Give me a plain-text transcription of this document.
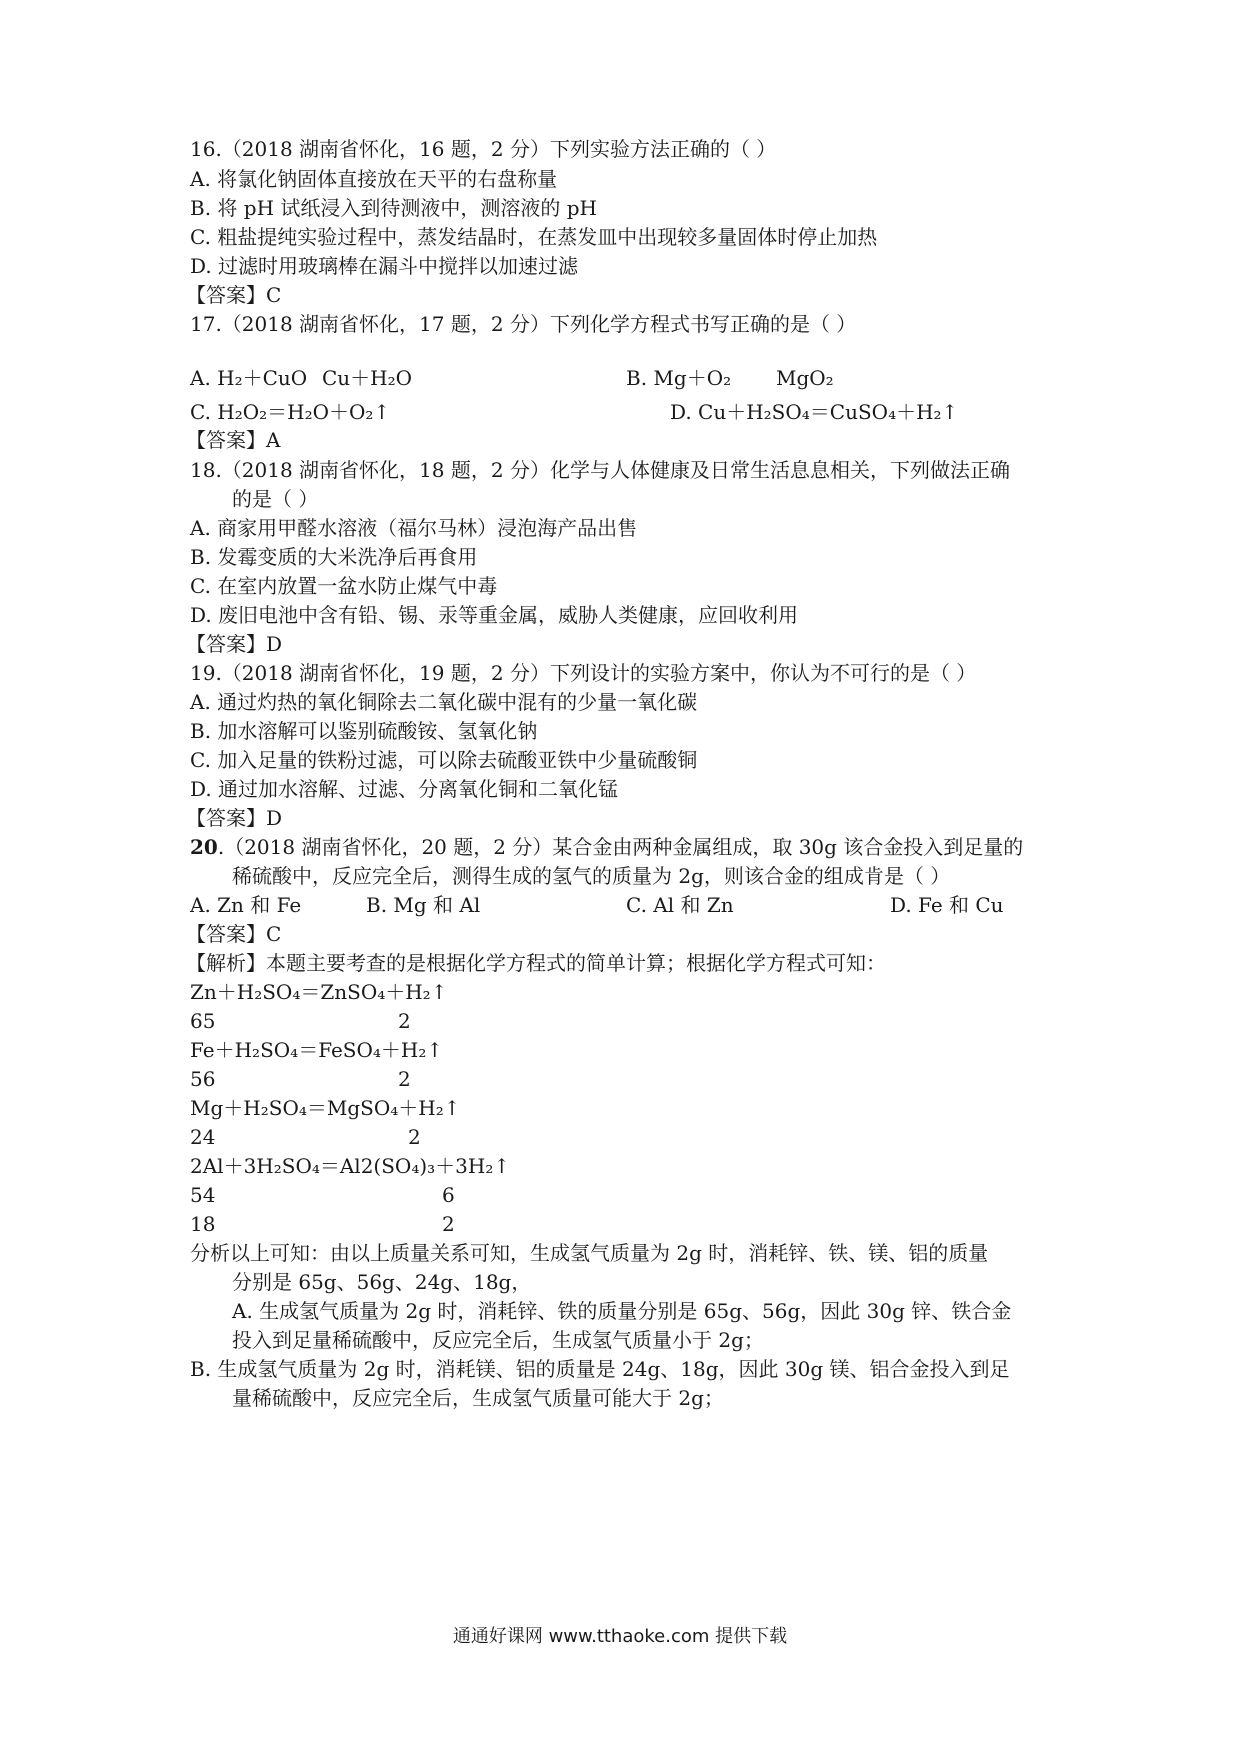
16.（2018 湖南省怀化，16 题，2 分）下列实验方法正确的（ ）
A. 将氯化钠固体直接放在天平的右盘称量
B. 将 pH 试纸浸入到待测液中，测溶液的 pH
C. 粗盐提纯实验过程中，蒸发结晶时，在蒸发皿中出现较多量固体时停止加热
D. 过滤时用玻璃棒在漏斗中搅拌以加速过滤
【答案】C
17.（2018 湖南省怀化，17 题，2 分）下列化学方程式书写正确的是（ ）
A. H₂＋CuO Cu＋H₂O	B. Mg＋O₂ MgO₂
C. H₂O₂＝H₂O＋O₂↑	D. Cu＋H₂SO₄＝CuSO₄＋H₂↑
【答案】A
18.（2018 湖南省怀化，18 题，2 分）化学与人体健康及日常生活息息相关，下列做法正确
的是（ ）
A. 商家用甲醛水溶液（福尔马林）浸泡海产品出售
B. 发霉变质的大米洗净后再食用
C. 在室内放置一盆水防止煤气中毒
D. 废旧电池中含有铅、锡、汞等重金属，威胁人类健康，应回收利用
【答案】D
19.（2018 湖南省怀化，19 题，2 分）下列设计的实验方案中，你认为不可行的是（ ）
A. 通过灼热的氧化铜除去二氧化碳中混有的少量一氧化碳
B. 加水溶解可以鉴别硫酸铵、氢氧化钠
C. 加入足量的铁粉过滤，可以除去硫酸亚铁中少量硫酸铜
D. 通过加水溶解、过滤、分离氧化铜和二氧化锰
【答案】D
20.（2018 湖南省怀化，20 题，2 分）某合金由两种金属组成，取 30g 该合金投入到足量的
稀硫酸中，反应完全后，测得生成的氢气的质量为 2g，则该合金的组成肯是（ ）
A. Zn 和 Fe	B. Mg 和 Al	C. Al 和 Zn	D. Fe 和 Cu
【答案】C
【解析】本题主要考查的是根据化学方程式的简单计算；根据化学方程式可知：
Zn＋H₂SO₄＝ZnSO₄＋H₂↑
65	2
Fe＋H₂SO₄＝FeSO₄＋H₂↑
56	2
Mg＋H₂SO₄＝MgSO₄＋H₂↑
24	2
2Al＋3H₂SO₄＝Al2(SO₄)₃＋3H₂↑
54	6
18	2
分析以上可知：由以上质量关系可知，生成氢气质量为 2g 时，消耗锌、铁、镁、铝的质量
分别是 65g、56g、24g、18g，
A. 生成氢气质量为 2g 时，消耗锌、铁的质量分别是 65g、56g，因此 30g 锌、铁合金
投入到足量稀硫酸中，反应完全后，生成氢气质量小于 2g；
B. 生成氢气质量为 2g 时，消耗镁、铝的质量是 24g、18g，因此 30g 镁、铝合金投入到足
量稀硫酸中，反应完全后，生成氢气质量可能大于 2g；
通通好课网 www.tthaoke.com 提供下载
